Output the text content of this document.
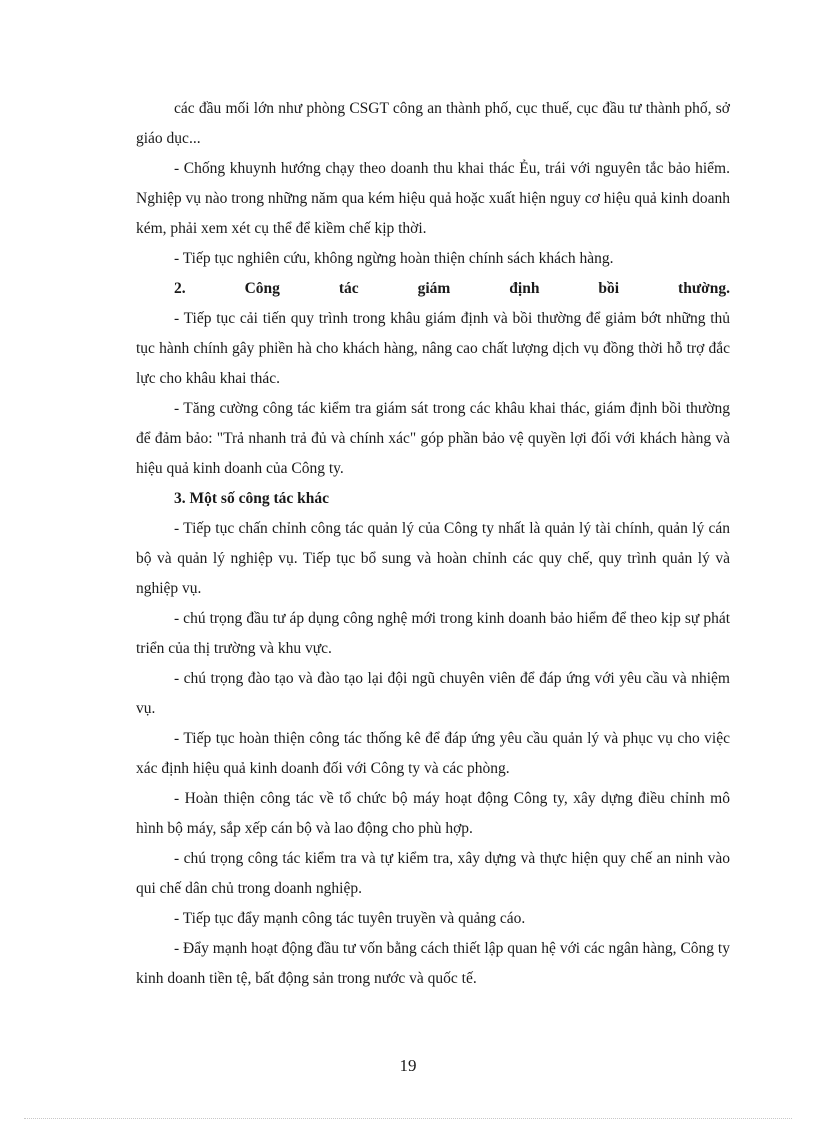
các đầu mối lớn như phòng CSGT công an thành phố, cục thuế, cục đầu tư thành phố, sở giáo dục...

- Chống khuynh hướng chạy theo doanh thu khai thác Ẻu, trái với nguyên tắc bảo hiểm. Nghiệp vụ nào trong những năm qua kém hiệu quả hoặc xuất hiện nguy cơ hiệu quả kinh doanh kém, phải xem xét cụ thể để kiềm chế kịp thời.

- Tiếp tục nghiên cứu, không ngừng hoàn thiện chính sách khách hàng.

2.	Công	tác	giám	định	bồi	thường.

- Tiếp tục cải tiến quy trình trong khâu giám định và bồi thường để giảm bớt những thủ tục hành chính gây phiền hà cho khách hàng, nâng cao chất lượng dịch vụ đồng thời hỗ trợ đắc lực cho khâu khai thác.

- Tăng cường công tác kiểm tra giám sát trong các khâu khai thác, giám định bồi thường để đảm bảo: "Trả nhanh trả đủ và chính xác" góp phần bảo vệ quyền lợi đối với khách hàng và hiệu quả kinh doanh của Công ty.

3. Một số công tác khác

- Tiếp tục chấn chỉnh công tác quản lý của Công ty nhất là quản lý tài chính, quản lý cán bộ và quản lý nghiệp vụ. Tiếp tục bổ sung và hoàn chỉnh các quy chế, quy trình quản lý và nghiệp vụ.

- chú trọng đầu tư áp dụng công nghệ mới trong kinh doanh bảo hiểm để theo kịp sự phát triển của thị trường và khu vực.

- chú trọng đào tạo và đào tạo lại đội ngũ chuyên viên để đáp ứng với yêu cầu và nhiệm vụ.

- Tiếp tục hoàn thiện công tác thống kê để đáp ứng yêu cầu quản lý và phục vụ cho việc xác định hiệu quả kinh doanh đối với Công ty và các phòng.

- Hoàn thiện công tác về tổ chức bộ máy hoạt động Công ty, xây dựng điều chỉnh mô hình bộ máy, sắp xếp cán bộ và lao động cho phù hợp.

- chú trọng công tác kiểm tra và tự kiểm tra, xây dựng và thực hiện quy chế an ninh vào qui chế dân chủ trong doanh nghiệp.

- Tiếp tục đẩy mạnh công tác tuyên truyền và quảng cáo.

- Đẩy mạnh hoạt động đầu tư vốn bằng cách thiết lập quan hệ với các ngân hàng, Công ty kinh doanh tiền tệ, bất động sản trong nước và quốc tế.

19
